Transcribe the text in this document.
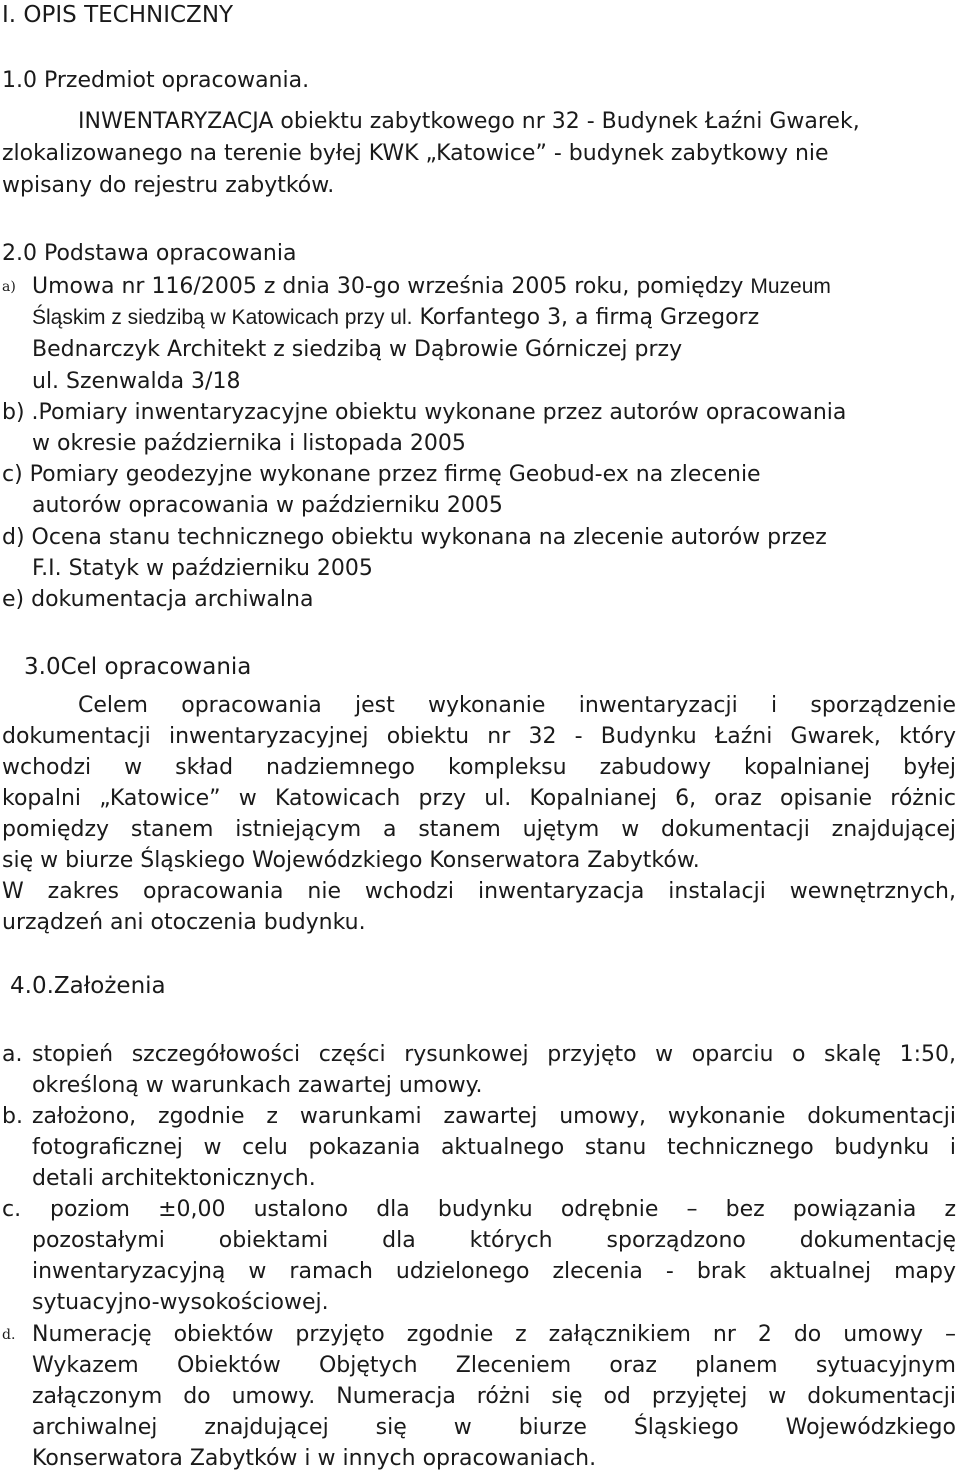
I. OPIS TECHNICZNY
1.0 Przedmiot opracowania.
INWENTARYZACJA obiektu zabytkowego nr 32 - Budynek Łaźni Gwarek,
zlokalizowanego na terenie byłej KWK „Katowice” - budynek zabytkowy nie
wpisany do rejestru zabytków.
2.0 Podstawa opracowania
a) Umowa nr 116/2005 z dnia 30-go września 2005 roku, pomiędzy Muzeum
Śląskim z siedzibą w Katowicach przy ul. Korfantego 3, a firmą Grzegorz
Bednarczyk Architekt z siedzibą w Dąbrowie Górniczej przy
ul. Szenwalda 3/18
b) .Pomiary inwentaryzacyjne obiektu wykonane przez autorów opracowania
w okresie października i listopada 2005
c) Pomiary geodezyjne wykonane przez firmę Geobud-ex na zlecenie
autorów opracowania w październiku 2005
d) Ocena stanu technicznego obiektu wykonana na zlecenie autorów przez
F.I. Statyk w październiku 2005
e) dokumentacja archiwalna
3.0Cel opracowania
Celem opracowania jest wykonanie inwentaryzacji i sporządzenie
dokumentacji inwentaryzacyjnej obiektu nr 32 - Budynku Łaźni Gwarek, który
wchodzi w skład nadziemnego kompleksu zabudowy kopalnianej byłej
kopalni „Katowice” w Katowicach przy ul. Kopalnianej 6, oraz opisanie różnic
pomiędzy stanem istniejącym a stanem ujętym w dokumentacji znajdującej
się w biurze Śląskiego Wojewódzkiego Konserwatora Zabytków.
W zakres opracowania nie wchodzi inwentaryzacja instalacji wewnętrznych,
urządzeń ani otoczenia budynku.
4.0.Założenia
a. stopień szczegółowości części rysunkowej przyjęto w oparciu o skalę 1:50,
określoną w warunkach zawartej umowy.
b. założono, zgodnie z warunkami zawartej umowy, wykonanie dokumentacji
fotograficznej w celu pokazania aktualnego stanu technicznego budynku i
detali architektonicznych.
c. poziom ±0,00 ustalono dla budynku odrębnie – bez powiązania z
pozostałymi obiektami dla których sporządzono dokumentację
inwentaryzacyjną w ramach udzielonego zlecenia - brak aktualnej mapy
sytuacyjno-wysokościowej.
d. Numerację obiektów przyjęto zgodnie z załącznikiem nr 2 do umowy –
Wykazem Obiektów Objętych Zleceniem oraz planem sytuacyjnym
załączonym do umowy. Numeracja różni się od przyjętej w dokumentacji
archiwalnej znajdującej się w biurze Śląskiego Wojewódzkiego
Konserwatora Zabytków i w innych opracowaniach.
